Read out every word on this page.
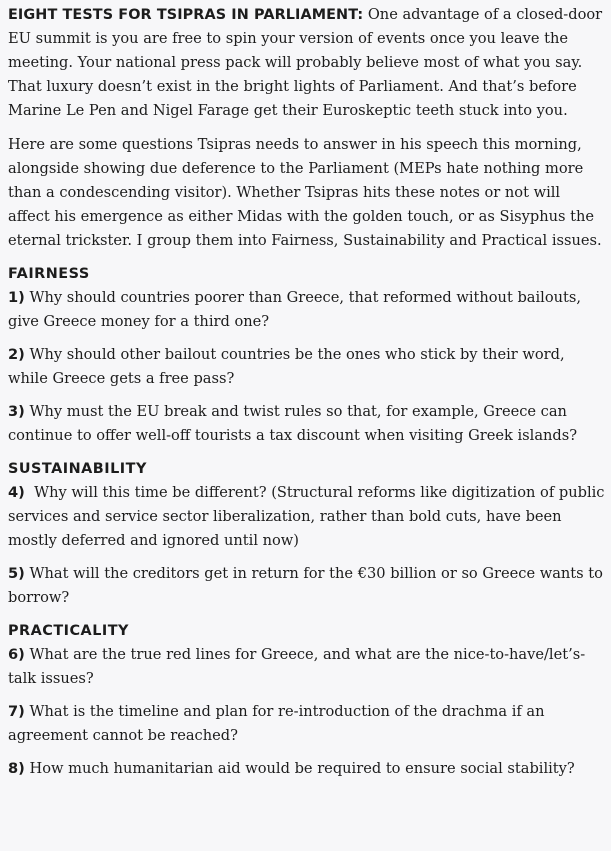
EIGHT TESTS FOR TSIPRAS IN PARLIAMENT: One advantage of a closed-door EU summit is you are free to spin your version of events once you leave the meeting. Your national press pack will probably believe most of what you say. That luxury doesn’t exist in the bright lights of Parliament. And that’s before Marine Le Pen and Nigel Farage get their Euroskeptic teeth stuck into you.

Here are some questions Tsipras needs to answer in his speech this morning, alongside showing due deference to the Parliament (MEPs hate nothing more than a condescending visitor). Whether Tsipras hits these notes or not will affect his emergence as either Midas with the golden touch, or as Sisyphus the eternal trickster. I group them into Fairness, Sustainability and Practical issues.

FAIRNESS

1) Why should countries poorer than Greece, that reformed without bailouts, give Greece money for a third one?

2) Why should other bailout countries be the ones who stick by their word, while Greece gets a free pass?

3) Why must the EU break and twist rules so that, for example, Greece can continue to offer well-off tourists a tax discount when visiting Greek islands?

SUSTAINABILITY

4)  Why will this time be different? (Structural reforms like digitization of public services and service sector liberalization, rather than bold cuts, have been mostly deferred and ignored until now)

5) What will the creditors get in return for the €30 billion or so Greece wants to borrow?

PRACTICALITY

6) What are the true red lines for Greece, and what are the nice-to-have/let’s-talk issues?

7) What is the timeline and plan for re-introduction of the drachma if an agreement cannot be reached?

8) How much humanitarian aid would be required to ensure social stability?
